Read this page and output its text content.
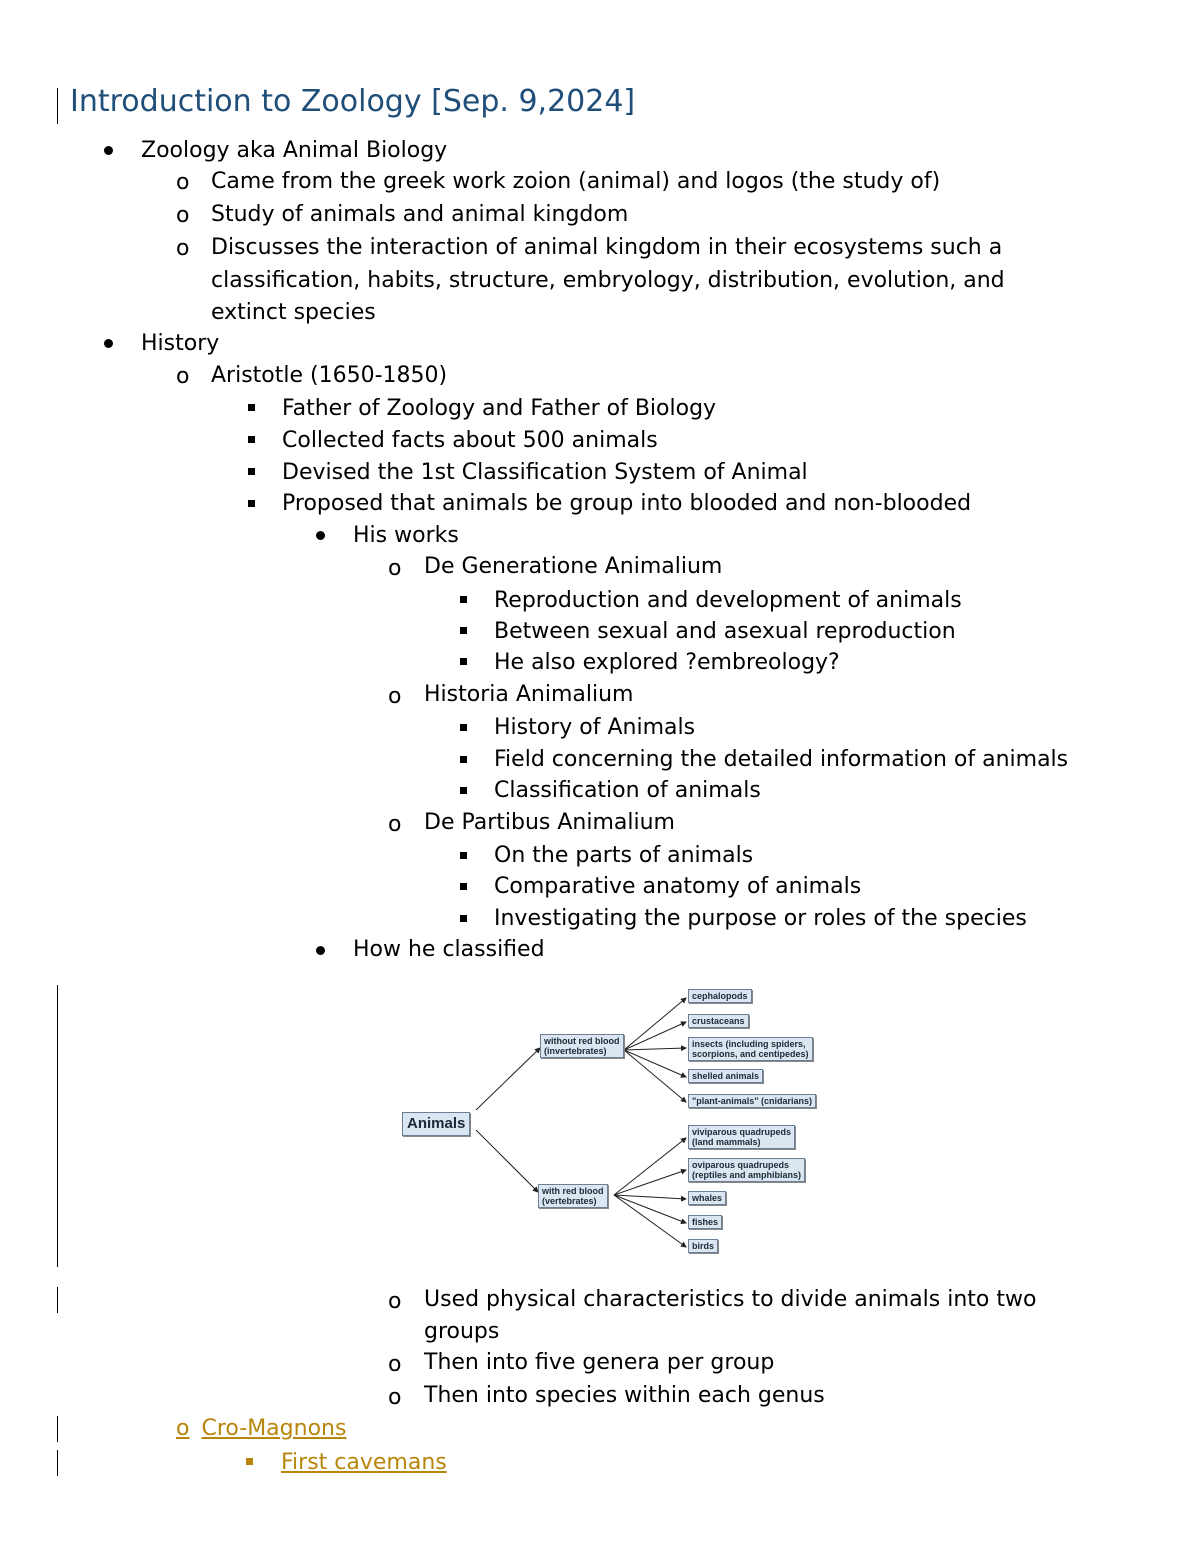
Introduction to Zoology [Sep. 9,2024]
Zoology aka Animal Biology
o Came from the greek work zoion (animal) and logos (the study of)
o Study of animals and animal kingdom
o Discusses the interaction of animal kingdom in their ecosystems such a
classification, habits, structure, embryology, distribution, evolution, and
extinct species
History
o Aristotle (1650-1850)
Father of Zoology and Father of Biology
Collected facts about 500 animals
Devised the 1st Classification System of Animal
Proposed that animals be group into blooded and non-blooded
His works
o De Generatione Animalium
Reproduction and development of animals
Between sexual and asexual reproduction
He also explored ?embreology?
o Historia Animalium
History of Animals
Field concerning the detailed information of animals
Classification of animals
o De Partibus Animalium
On the parts of animals
Comparative anatomy of animals
Investigating the purpose or roles of the species
How he classified
Animals
without red blood
(invertebrates)
with red blood
(vertebrates)
cephalopods
crustaceans
insects (including spiders,
scorpions, and centipedes)
shelled animals
"plant-animals" (cnidarians)
viviparous quadrupeds
(land mammals)
oviparous quadrupeds
(reptiles and amphibians)
whales
fishes
birds
o Used physical characteristics to divide animals into two
groups
o Then into five genera per group
o Then into species within each genus
o Cro-Magnons
First cavemans
